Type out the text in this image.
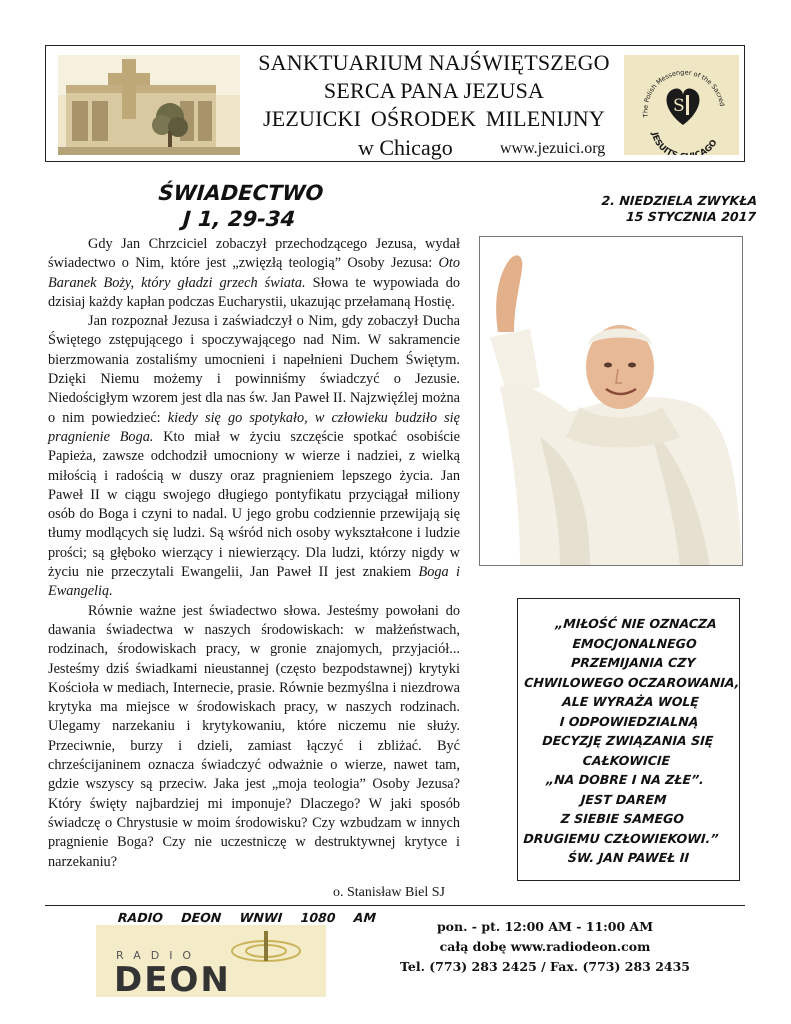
SANKTUARIUM NAJŚWIĘTSZEGO
SERCA PANA JEZUSA
JEZUICKI OŚRODEK MILENIJNY
w Chicago	www.jezuici.org
The Polish Messenger of the Sacred
JESUIT AGO
S
ŚWIADECTWO
J 1, 29-34
2. NIEDZIELA ZWYKŁA
15 STYCZNIA 2017

Gdy Jan Chrzciciel zobaczył przechodzącego Jezusa, wydał świadectwo o Nim, które jest „zwięzłą teologią” Osoby Jezusa: Oto Baranek Boży, który gładzi grzech świata. Słowa te wypowiada do dzisiaj każdy kapłan podczas Eucharystii, ukazując przełamaną Hostię.

Jan rozpoznał Jezusa i zaświadczył o Nim, gdy zobaczył Ducha Świętego zstępującego i spoczywającego nad Nim. W sakramencie bierzmowania zostaliśmy umocnieni i napełnieni Duchem Świętym. Dzięki Niemu możemy i powinniśmy świadczyć o Jezusie. Niedościgłym wzorem jest dla nas św. Jan Paweł II. Najzwięźlej można o nim powiedzieć: kiedy się go spotykało, w człowieku budziło się pragnienie Boga. Kto miał w życiu szczęście spotkać osobiście Papieża, zawsze odchodził umocniony w wierze i nadziei, z wielką miłością i radością w duszy oraz pragnieniem lepszego życia. Jan Paweł II w ciągu swojego długiego pontyfikatu przyciągał miliony osób do Boga i czyni to nadal. U jego grobu codziennie przewijają się tłumy modlących się ludzi. Są wśród nich osoby wykształcone i ludzie prości; są głęboko wierzący i niewierzący. Dla ludzi, którzy nigdy w życiu nie przeczytali Ewangelii, Jan Paweł II jest znakiem Boga i Ewangelią.

Równie ważne jest świadectwo słowa. Jesteśmy powołani do dawania świadectwa w naszych środowiskach: w małżeństwach, rodzinach, środowiskach pracy, w gronie znajomych, przyjaciół... Jesteśmy dziś świadkami nieustannej (często bezpodstawnej) krytyki Kościoła w mediach, Internecie, prasie. Równie bezmyślna i niezdrowa krytyka ma miejsce w środowiskach pracy, w naszych rodzinach. Ulegamy narzekaniu i krytykowaniu, które niczemu nie służy. Przeciwnie, burzy i dzieli, zamiast łączyć i zbliżać. Być chrześcijaninem oznacza świadczyć odważnie o wierze, nawet tam, gdzie wszyscy są przeciw. Jaka jest „moja teologia” Osoby Jezusa? Który święty najbardziej mi imponuje? Dlaczego? W jaki sposób świadczę o Chrystusie w moim środowisku? Czy wzbudzam w innych pragnienie Boga? Czy nie uczestniczę w destruktywnej krytyce i narzekaniu?

o. Stanisław Biel SJ
„MIŁOŚĆ NIE OZNACZA
EMOCJONALNEGO
PRZEMIJANIA CZY
CHWILOWEGO OCZAROWANIA,
ALE WYRAŻA WOLĘ
I ODPOWIEDZIALNĄ
DECYZJĘ ZWIĄZANIA SIĘ
CAŁKOWICIE
„NA DOBRE I NA ZŁE”.
JEST DAREM
Z SIEBIE SAMEGO
DRUGIEMU CZŁOWIEKOWI.”
ŚW. JAN PAWEŁ II
RADIO DEON WNWI 1080 AM
RADIO
DEON
pon. - pt. 12:00 AM - 11:00 AM
całą dobę www.radiodeon.com
Tel. (773) 283 2425 / Fax. (773) 283 2435
